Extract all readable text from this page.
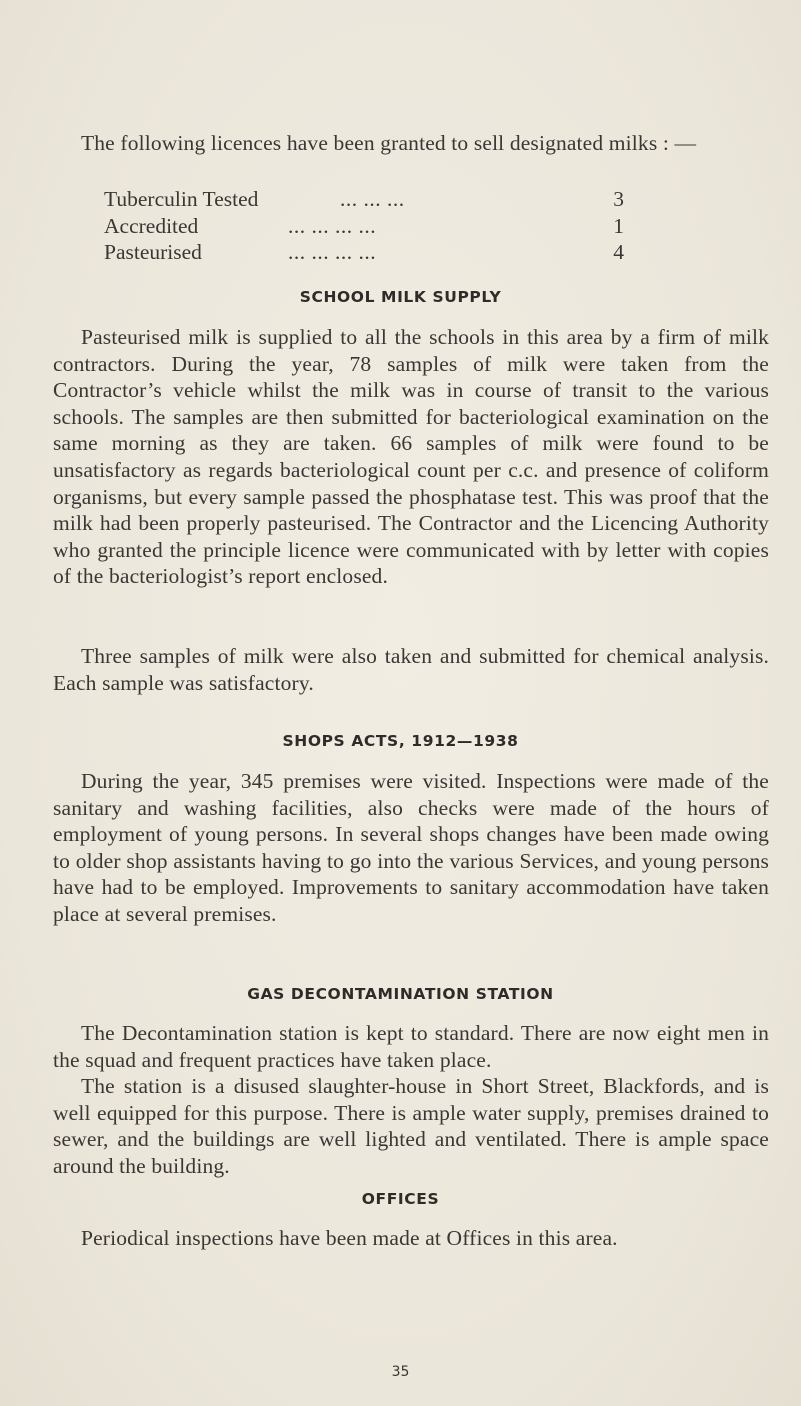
The following licences have been granted to sell designated milks : —

Tuberculin Tested	... ... ...	3
Accredited	... ... ... ...	1
Pasteurised	... ... ... ...	4
SCHOOL MILK SUPPLY

Pasteurised milk is supplied to all the schools in this area by a firm of milk contractors. During the year, 78 samples of milk were taken from the Contractor’s vehicle whilst the milk was in course of transit to the various schools. The samples are then submitted for bacteriological examination on the same morning as they are taken. 66 samples of milk were found to be unsatisfactory as regards bacteriological count per c.c. and presence of coliform organisms, but every sample passed the phosphatase test. This was proof that the milk had been properly pasteurised. The Contractor and the Licencing Authority who granted the principle licence were communicated with by letter with copies of the bacteriologist’s report enclosed.

Three samples of milk were also taken and submitted for chemical analysis. Each sample was satisfactory.

SHOPS ACTS, 1912—1938

During the year, 345 premises were visited. Inspections were made of the sanitary and washing facilities, also checks were made of the hours of employment of young persons. In several shops changes have been made owing to older shop assistants having to go into the various Services, and young persons have had to be employed. Improvements to sanitary accommodation have taken place at several premises.

GAS DECONTAMINATION STATION

The Decontamination station is kept to standard. There are now eight men in the squad and frequent practices have taken place.

The station is a disused slaughter-house in Short Street, Blackfords, and is well equipped for this purpose. There is ample water supply, premises drained to sewer, and the buildings are well lighted and ventilated. There is ample space around the building.

OFFICES

Periodical inspections have been made at Offices in this area.

35
